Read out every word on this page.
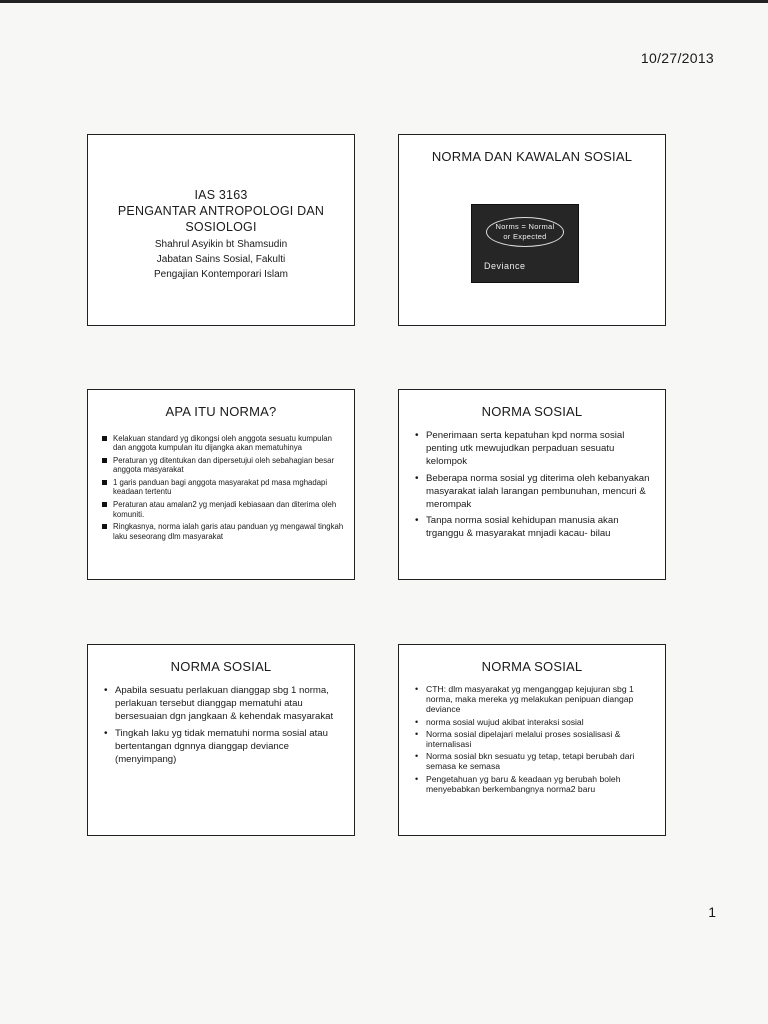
10/27/2013
IAS 3163
PENGANTAR ANTROPOLOGI DAN
SOSIOLOGI
Shahrul Asyikin bt Shamsudin
Jabatan Sains Sosial, Fakulti
Pengajian Kontemporari Islam
NORMA DAN KAWALAN SOSIAL
Norms = Normal
or Expected
Deviance
APA ITU NORMA?
Kelakuan standard yg dikongsi oleh anggota sesuatu kumpulan dan anggota kumpulan itu dijangka akan mematuhinya
Peraturan yg ditentukan dan dipersetujui oleh sebahagian besar anggota masyarakat
1 garis panduan bagi anggota masyarakat pd masa mghadapi keadaan tertentu
Peraturan atau amalan2 yg menjadi kebiasaan dan diterima oleh komuniti.
Ringkasnya, norma ialah garis atau panduan yg mengawal tingkah laku seseorang dlm masyarakat
NORMA SOSIAL
• Penerimaan serta kepatuhan kpd norma sosial penting utk mewujudkan perpaduan sesuatu kelompok
• Beberapa norma sosial yg diterima oleh kebanyakan masyarakat ialah larangan pembunuhan, mencuri & merompak
• Tanpa norma sosial kehidupan manusia akan trganggu & masyarakat mnjadi kacau- bilau
NORMA SOSIAL
• Apabila sesuatu perlakuan dianggap sbg 1 norma, perlakuan tersebut dianggap mematuhi atau bersesuaian dgn jangkaan & kehendak masyarakat
• Tingkah laku yg tidak mematuhi norma sosial atau bertentangan dgnnya dianggap deviance (menyimpang)
NORMA SOSIAL
• CTH: dlm masyarakat yg menganggap kejujuran sbg 1 norma, maka mereka yg melakukan penipuan diangap deviance
• norma sosial wujud akibat interaksi sosial
• Norma sosial dipelajari melalui proses sosialisasi & internalisasi
• Norma sosial bkn sesuatu yg tetap, tetapi berubah dari semasa ke semasa
• Pengetahuan yg baru & keadaan yg berubah boleh menyebabkan berkembangnya norma2 baru
1
